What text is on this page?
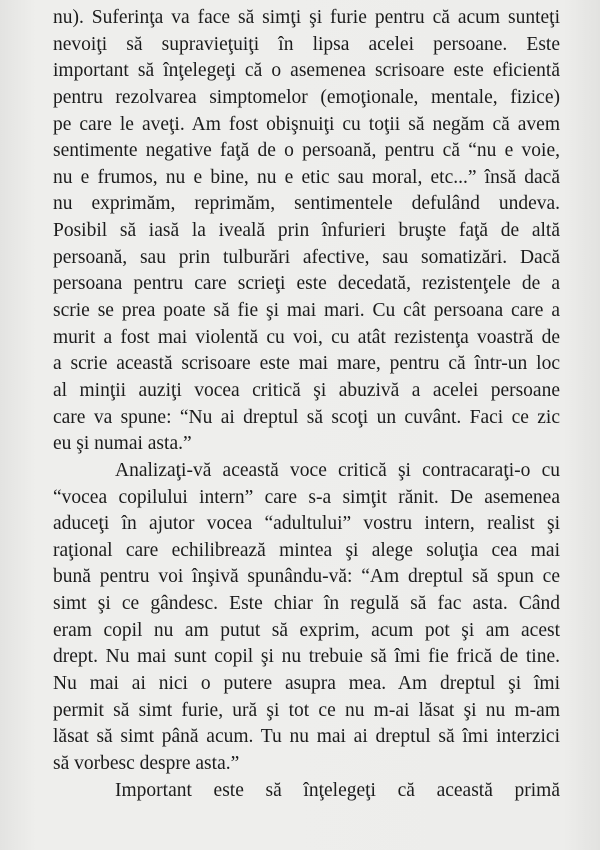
nu). Suferinţa va face să simţi şi furie pentru că acum sunteţi
nevoiţi să supravieţuiţi în lipsa acelei persoane. Este
important să înţelegeţi că o asemenea scrisoare este eficientă
pentru rezolvarea simptomelor (emoţionale, mentale, fizice)
pe care le aveţi. Am fost obişnuiţi cu toţii să negăm că avem
sentimente negative faţă de o persoană, pentru că “nu e voie,
nu e frumos, nu e bine, nu e etic sau moral, etc...” însă dacă
nu exprimăm, reprimăm, sentimentele defulând undeva.
Posibil să iasă la iveală prin înfurieri bruşte faţă de altă
persoană, sau prin tulburări afective, sau somatizări. Dacă
persoana pentru care scrieţi este decedată, rezistenţele de a
scrie se prea poate să fie şi mai mari. Cu cât persoana care a
murit a fost mai violentă cu voi, cu atât rezistenţa voastră de
a scrie această scrisoare este mai mare, pentru că într-un loc
al minţii auziţi vocea critică şi abuzivă a acelei persoane
care va spune: “Nu ai dreptul să scoţi un cuvânt. Faci ce zic
eu şi numai asta.”
Analizaţi-vă această voce critică şi contracaraţi-o cu
“vocea copilului intern” care s-a simţit rănit. De asemenea
aduceţi în ajutor vocea “adultului” vostru intern, realist şi
raţional care echilibrează mintea şi alege soluţia cea mai
bună pentru voi înşivă spunându-vă: “Am dreptul să spun ce
simt şi ce gândesc. Este chiar în regulă să fac asta. Când
eram copil nu am putut să exprim, acum pot şi am acest
drept. Nu mai sunt copil şi nu trebuie să îmi fie frică de tine.
Nu mai ai nici o putere asupra mea. Am dreptul şi îmi
permit să simt furie, ură şi tot ce nu m-ai lăsat şi nu m-am
lăsat să simt până acum. Tu nu mai ai dreptul să îmi interzici
să vorbesc despre asta.”
Important este să înţelegeţi că această primă
